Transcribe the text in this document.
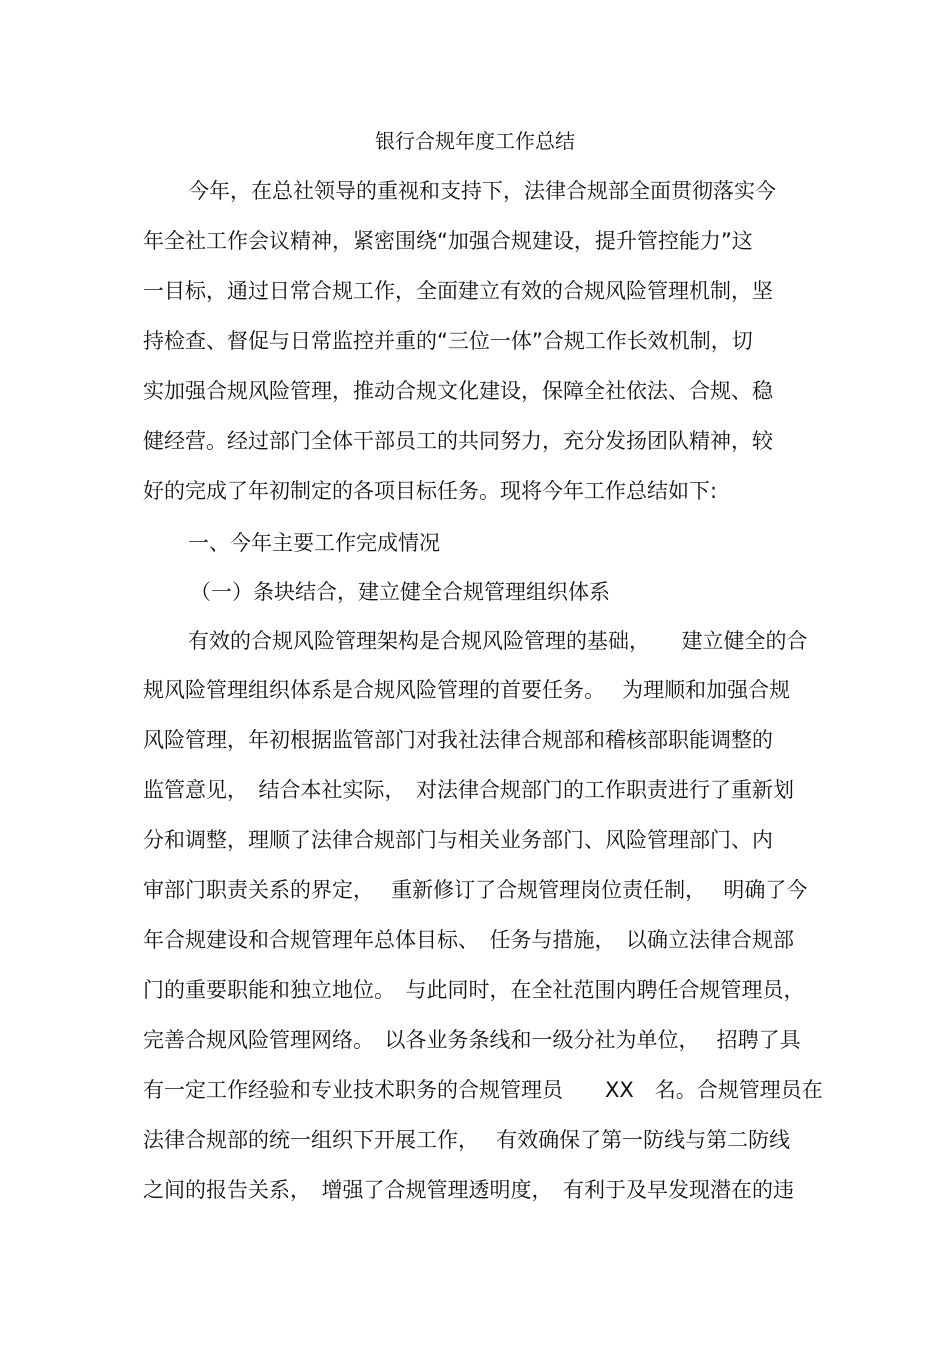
银行合规年度工作总结
今年，在总社领导的重视和支持下，法律合规部全面贯彻落实今
年全社工作会议精神，紧密围绕“加强合规建设，提升管控能力”这
一目标，通过日常合规工作，全面建立有效的合规风险管理机制，坚
持检查、督促与日常监控并重的“三位一体”合规工作长效机制，切
实加强合规风险管理，推动合规文化建设，保障全社依法、合规、稳
健经营。经过部门全体干部员工的共同努力，充分发扬团队精神，较
好的完成了年初制定的各项目标任务。现将今年工作总结如下:
一、今年主要工作完成情况
（一）条块结合，建立健全合规管理组织体系
有效的合规风险管理架构是合规风险管理的基础，　　建立健全的合
规风险管理组织体系是合规风险管理的首要任务。　 为理顺和加强合规
风险管理，年初根据监管部门对我社法律合规部和稽核部职能调整的
监管意见，　结合本社实际，　对法律合规部门的工作职责进行了重新划
分和调整，理顺了法律合规部门与相关业务部门、风险管理部门、内
审部门职责关系的界定，　 重新修订了合规管理岗位责任制，　 明确了今
年合规建设和合规管理年总体目标、　任务与措施，　以确立法律合规部
门的重要职能和独立地位。　与此同时，在全社范围内聘任合规管理员，
完善合规风险管理网络。　以各业务条线和一级分社为单位，　 招聘了具
有一定工作经验和专业技术职务的合规管理员　　XX　名。合规管理员在
法律合规部的统一组织下开展工作，　 有效确保了第一防线与第二防线
之间的报告关系，　增强了合规管理透明度，　有利于及早发现潜在的违
